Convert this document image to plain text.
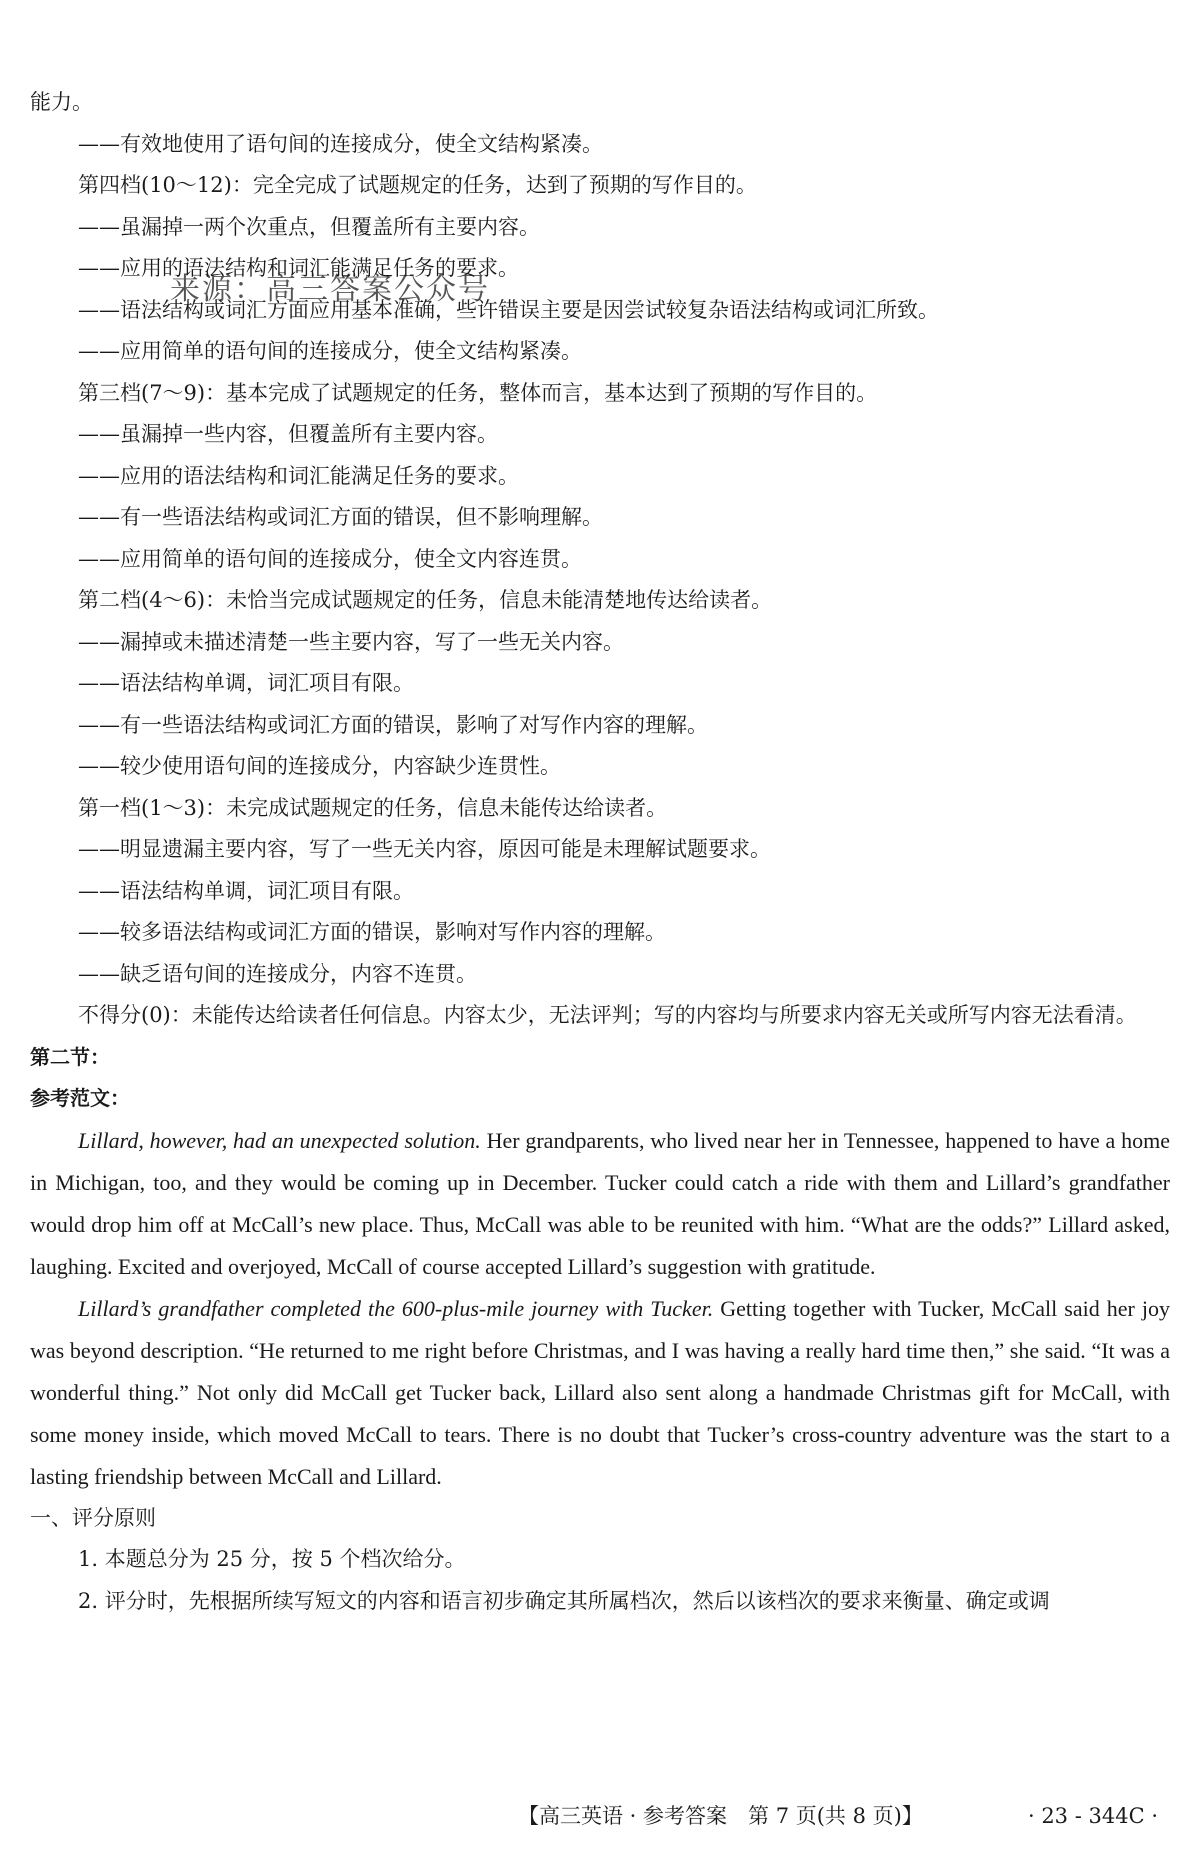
来源：高三答案公众号
能力。
——有效地使用了语句间的连接成分，使全文结构紧凑。
第四档(10～12)：完全完成了试题规定的任务，达到了预期的写作目的。
——虽漏掉一两个次重点，但覆盖所有主要内容。
——应用的语法结构和词汇能满足任务的要求。
——语法结构或词汇方面应用基本准确，些许错误主要是因尝试较复杂语法结构或词汇所致。
——应用简单的语句间的连接成分，使全文结构紧凑。
第三档(7～9)：基本完成了试题规定的任务，整体而言，基本达到了预期的写作目的。
——虽漏掉一些内容，但覆盖所有主要内容。
——应用的语法结构和词汇能满足任务的要求。
——有一些语法结构或词汇方面的错误，但不影响理解。
——应用简单的语句间的连接成分，使全文内容连贯。
第二档(4～6)：未恰当完成试题规定的任务，信息未能清楚地传达给读者。
——漏掉或未描述清楚一些主要内容，写了一些无关内容。
——语法结构单调，词汇项目有限。
——有一些语法结构或词汇方面的错误，影响了对写作内容的理解。
——较少使用语句间的连接成分，内容缺少连贯性。
第一档(1～3)：未完成试题规定的任务，信息未能传达给读者。
——明显遗漏主要内容，写了一些无关内容，原因可能是未理解试题要求。
——语法结构单调，词汇项目有限。
——较多语法结构或词汇方面的错误，影响对写作内容的理解。
——缺乏语句间的连接成分，内容不连贯。
不得分(0)：未能传达给读者任何信息。内容太少，无法评判；写的内容均与所要求内容无关或所写内容无法看清。
第二节：
参考范文：
Lillard, however, had an unexpected solution. Her grandparents, who lived near her in Tennessee, happened to have a home in Michigan, too, and they would be coming up in December. Tucker could catch a ride with them and Lillard’s grandfather would drop him off at McCall’s new place. Thus, McCall was able to be reunited with him. “What are the odds?” Lillard asked, laughing. Excited and overjoyed, McCall of course accepted Lillard’s suggestion with gratitude.
Lillard’s grandfather completed the 600-plus-mile journey with Tucker. Getting together with Tucker, McCall said her joy was beyond description. “He returned to me right before Christmas, and I was having a really hard time then,” she said. “It was a wonderful thing.” Not only did McCall get Tucker back, Lillard also sent along a handmade Christmas gift for McCall, with some money inside, which moved McCall to tears. There is no doubt that Tucker’s cross-country adventure was the start to a lasting friendship between McCall and Lillard.
一、评分原则
1. 本题总分为 25 分，按 5 个档次给分。
2. 评分时，先根据所续写短文的内容和语言初步确定其所属档次，然后以该档次的要求来衡量、确定或调
【高三英语 · 参考答案　第 7 页(共 8 页)】	· 23 - 344C ·
